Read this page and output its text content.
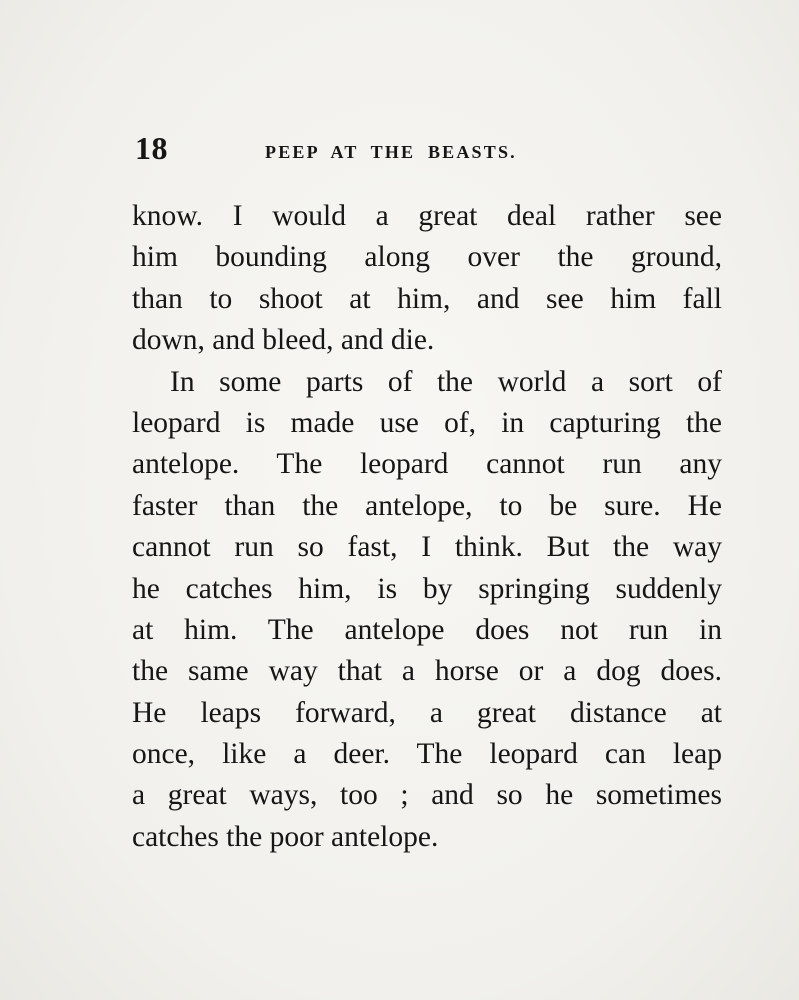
18	PEEP AT THE BEASTS.
know. I would a great deal rather see
him bounding along over the ground,
than to shoot at him, and see him fall
down, and bleed, and die.
In some parts of the world a sort of
leopard is made use of, in capturing the
antelope. The leopard cannot run any
faster than the antelope, to be sure. He
cannot run so fast, I think. But the way
he catches him, is by springing suddenly
at him. The antelope does not run in
the same way that a horse or a dog does.
He leaps forward, a great distance at
once, like a deer. The leopard can leap
a great ways, too ; and so he sometimes
catches the poor antelope.
